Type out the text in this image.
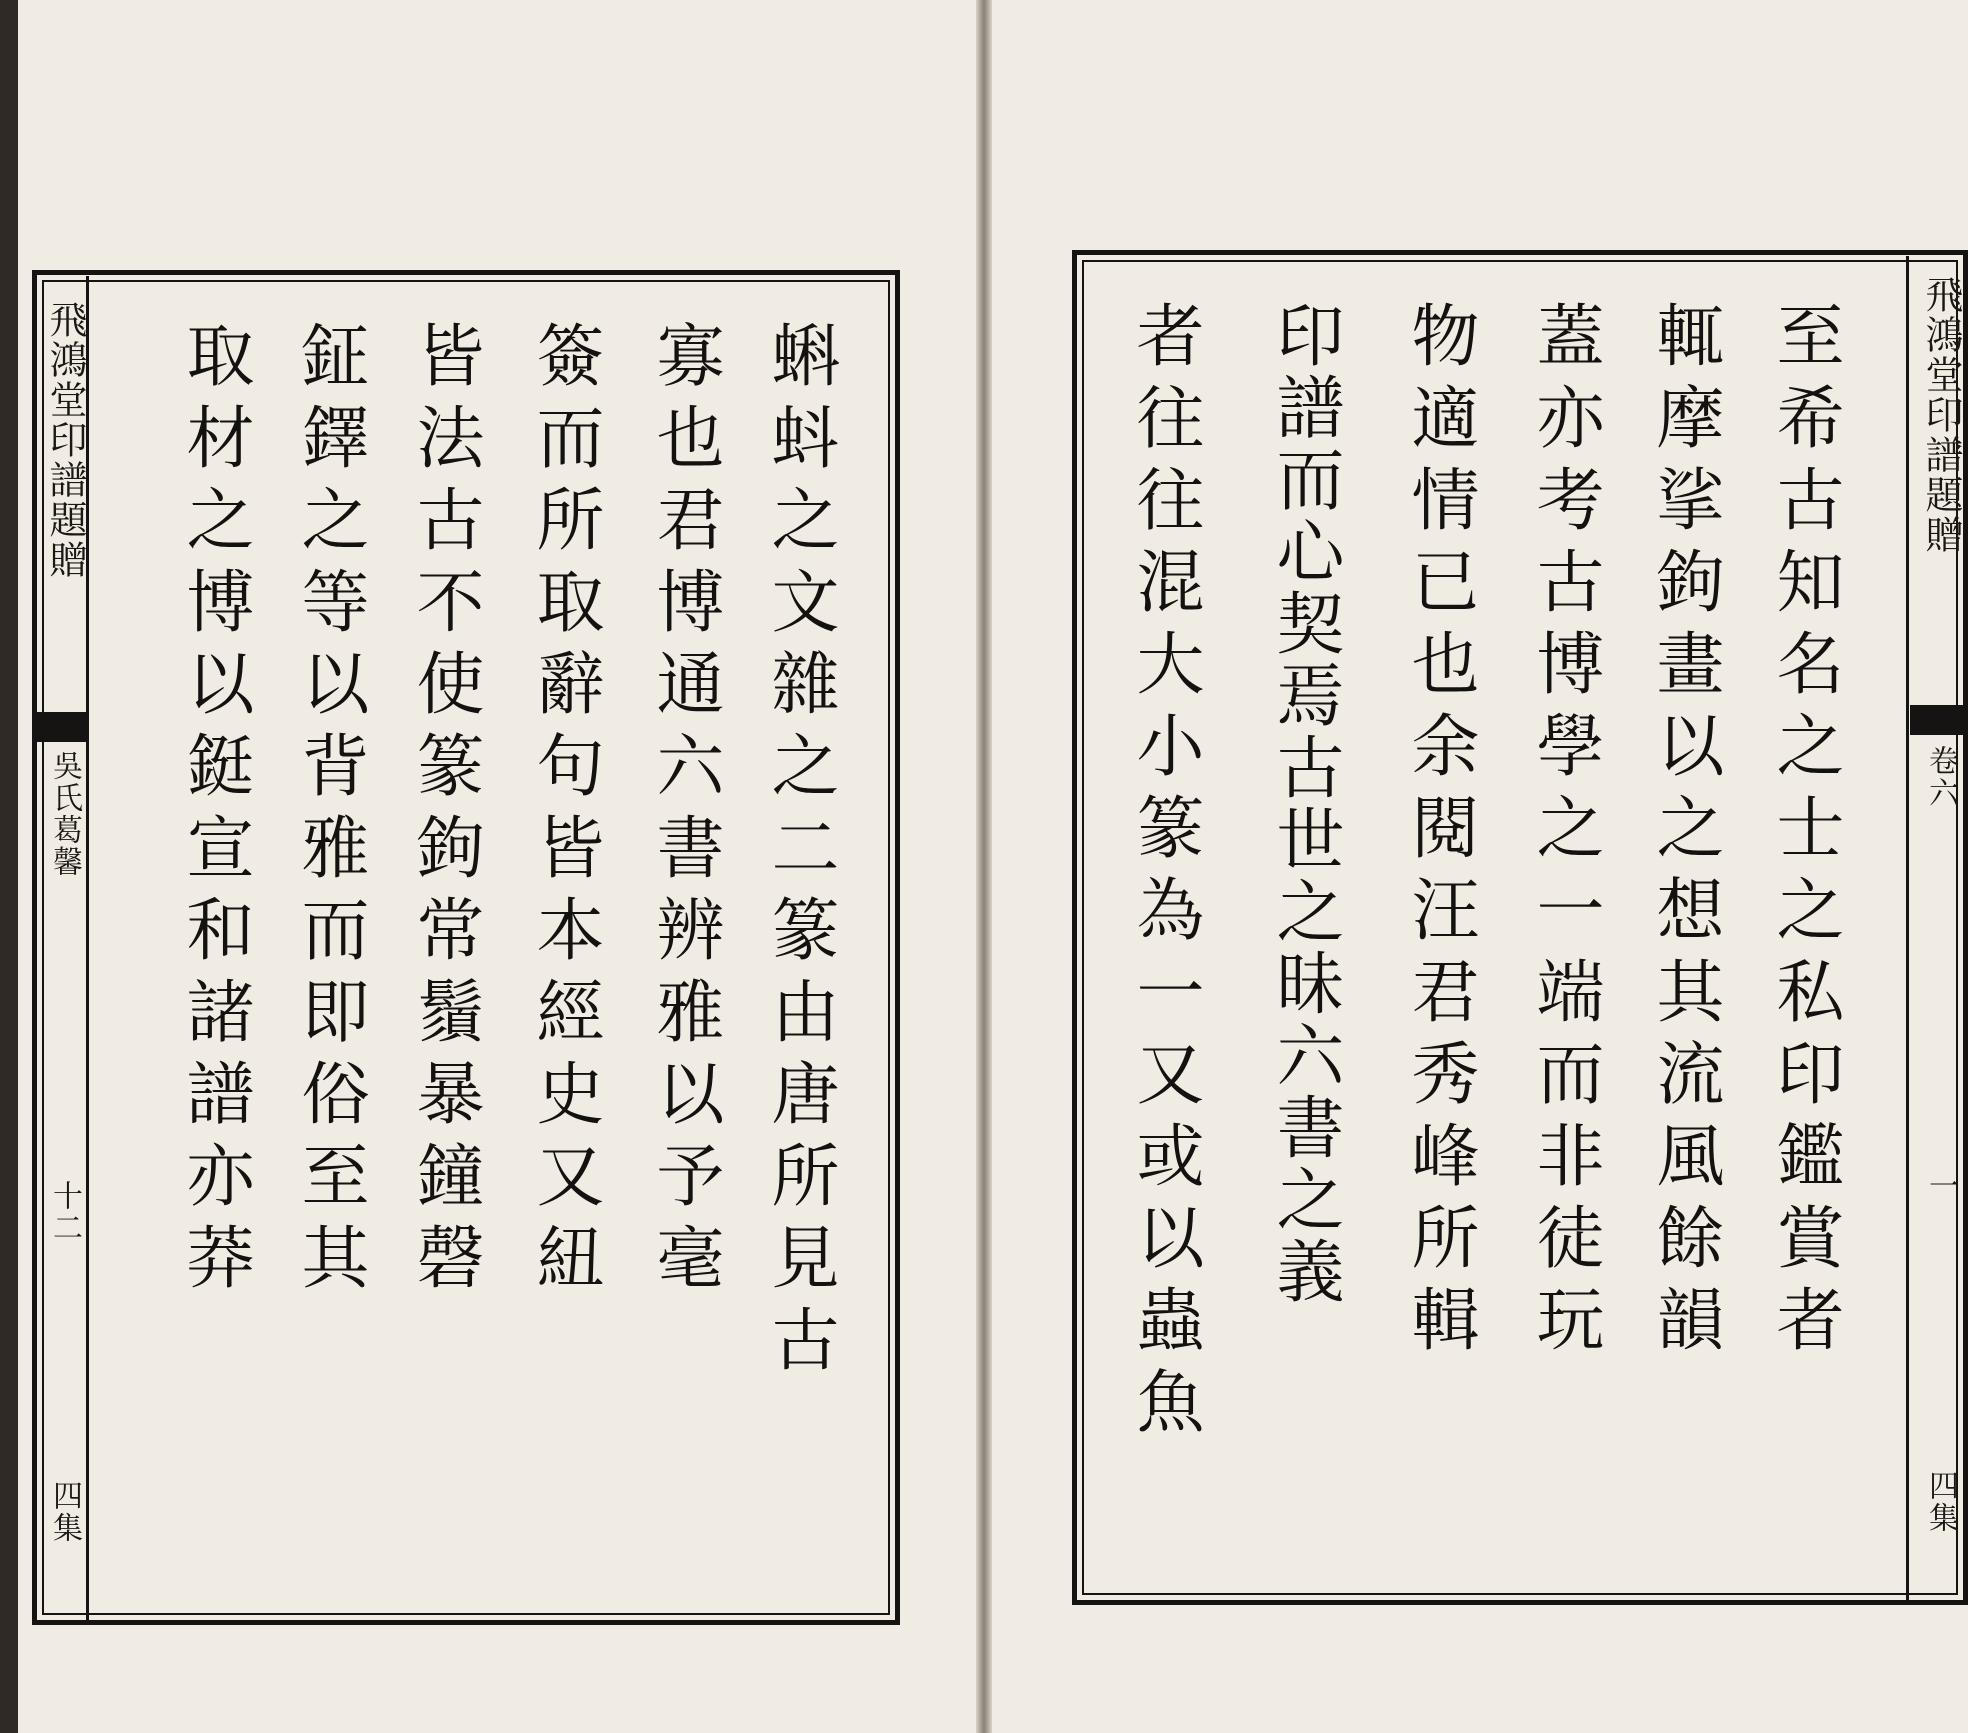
飛鴻堂印譜題贈
吳氏葛馨
十二
四集
蝌蚪之文雜之二篆由唐所見古
寡也君博通六書辨雅以予毫
簽而所取辭句皆本經史又紐
皆法古不使篆鉤常鬚暴鐘磬
鉦鐸之等以背雅而即俗至其
取材之博以鋌宣和諸譜亦莽	飛鴻堂印譜題贈
卷六
一
四集
至希古知名之士之私印鑑賞者
輒摩挲鉤畫以之想其流風餘韻
蓋亦考古博學之一端而非徒玩
物適情已也余閱汪君秀峰所輯
印譜而心契焉古世之昧六書之義
者往往混大小篆為一又或以蟲魚
